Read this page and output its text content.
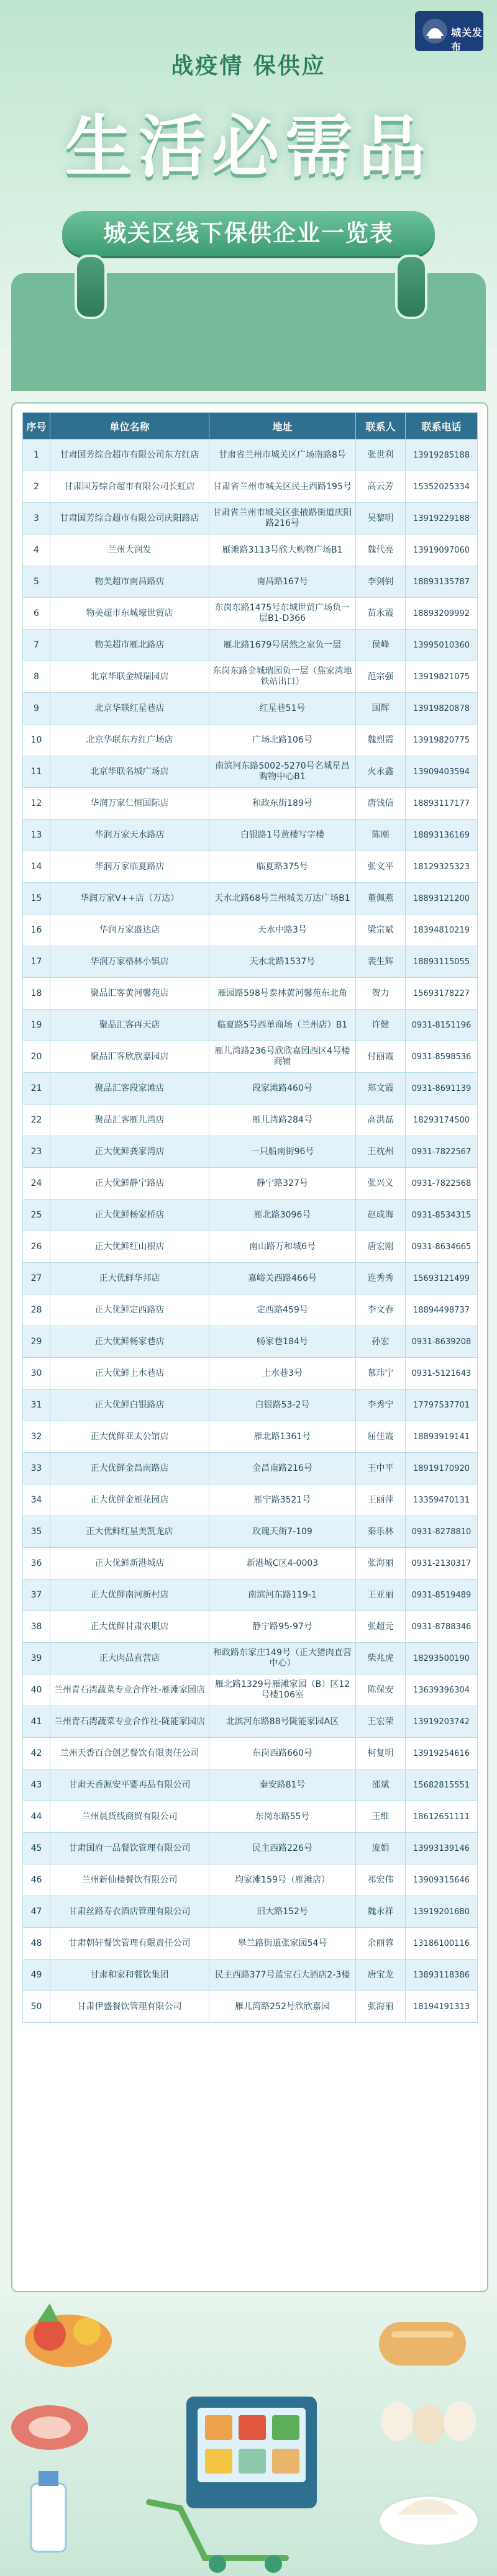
城关发布
战疫情 保供应
生活必需品
城关区线下保供企业一览表
序号	单位名称	地址	联系人	联系电话
1	甘肃国芳综合超市有限公司东方红店	甘肃省兰州市城关区广场南路8号	张世利	13919285188
2	甘肃国芳综合超市有限公司长虹店	甘肃省兰州市城关区民主西路195号	高云芳	15352025334
3	甘肃国芳综合超市有限公司庆阳路店	甘肃省兰州市城关区张掖路街道庆阳路216号	吴黎明	13919229188
4	兰州大润发	雁滩路3113号欣大购物广场B1	魏代亮	13919097060
5	物美超市南昌路店	南昌路167号	李剑钊	18893135787
6	物美超市东城壕世贸店	东岗东路1475号东城世贸广场负一层B1-D366	苗永霞	18893209992
7	物美超市雁北路店	雁北路1679号居然之家负一层	侯峰	13995010360
8	北京华联金城瑞园店	东岗东路金城瑞园负一层（焦家湾地铁站出口）	范宗强	13919821075
9	北京华联红星巷店	红星巷51号	国辉	13919820878
10	北京华联东方红广场店	广场北路106号	魏烈霞	13919820775
11	北京华联名城广场店	南滨河东路5002-5270号名城星昌购物中心B1	火永鑫	13909403594
12	华润万家仁恒国际店	和政东街189号	唐钱信	18893117177
13	华润万家天水路店	白银路1号黄楼写字楼	陈刚	18893136169
14	华润万家临夏路店	临夏路375号	张文平	18129325323
15	华润万家V++店（万达）	天水北路68号兰州城关万达广场B1	董佩燕	18893121200
16	华润万家盛达店	天水中路3号	梁宗斌	18394810219
17	华润万家格林小镇店	天水北路1537号	裴生辉	18893115055
18	聚品汇客黄河馨苑店	雁园路598号泰林黄河馨苑东北角	贺力	15693178227
19	聚品汇客再天店	临夏路5号西单商场（兰州店）B1	许健	0931-8151196
20	聚品汇客欣欣嘉园店	雁儿湾路236号欣欣嘉园西区4号楼商铺	付丽霞	0931-8598536
21	聚品汇客段家滩店	段家滩路460号	郑文霞	0931-8691139
22	聚品汇客雁儿湾店	雁儿湾路284号	高洪磊	18293174500
23	正大优鲜龚家湾店	一只船南街96号	王枕州	0931-7822567
24	正大优鲜静宁路店	静宁路327号	张兴义	0931-7822568
25	正大优鲜杨家桥店	雁北路3096号	赵成海	0931-8534315
26	正大优鲜红山根店	南山路万和城6号	唐宏刚	0931-8634665
27	正大优鲜华邦店	嘉峪关西路466号	连秀秀	15693121499
28	正大优鲜定西路店	定西路459号	李文春	18894498737
29	正大优鲜畅家巷店	畅家巷184号	孙宏	0931-8639208
30	正大优鲜上水巷店	上水巷3号	慕玮宁	0931-5121643
31	正大优鲜白银路店	白银路53-2号	李秀宁	17797537701
32	正大优鲜亚太公馆店	雁北路1361号	屈佳霞	18893919141
33	正大优鲜金昌南路店	金昌南路216号	王中平	18919170920
34	正大优鲜金雁花园店	雁宁路3521号	王丽萍	13359470131
35	正大优鲜红星美凯龙店	玫瑰天街7-109	秦乐林	0931-8278810
36	正大优鲜新港城店	新港城C区4-0003	张海丽	0931-2130317
37	正大优鲜南河新村店	南滨河东路119-1	王亚丽	0931-8519489
38	正大优鲜甘肃农职店	静宁路95-97号	张超元	0931-8788346
39	正大肉品直营店	和政路东家庄149号（正大猪肉直营中心）	柴兆虎	18293500190
40	兰州青石湾蔬菜专业合作社-雁滩家园店	雁北路1329号雁滩家园（B）区12号楼106室	陈保安	13639396304
41	兰州青石湾蔬菜专业合作社-陇能家园店	北滨河东路88号陇能家园A区	王宏荣	13919203742
42	兰州天香百合创艺餐饮有限责任公司	东岗西路660号	柯复明	13919254616
43	甘肃天香源安平婴再品有限公司	秦安路81号	邵斌	15682815551
44	兰州晨货线商贸有限公司	东岗东路55号	王维	18612651111
45	甘肃国府一品餐饮管理有限公司	民主西路226号	庞娟	13993139146
46	兰州新仙楼餐饮有限公司	均家滩159号（雁滩店）	祁宏伟	13909315646
47	甘肃丝路寿衣酒店管理有限公司	旧大路152号	魏永祥	13919201680
48	甘肃朝轩餐饮管理有限责任公司	皋兰路街道张家园54号	余丽蓉	13186100116
49	甘肃和家和餐饮集团	民主西路377号蓝宝石大酒店2-3楼	唐宝龙	13893118386
50	甘肃伊盛餐饮管理有限公司	雁儿湾路252号欣欣嘉园	张海丽	18194191313
